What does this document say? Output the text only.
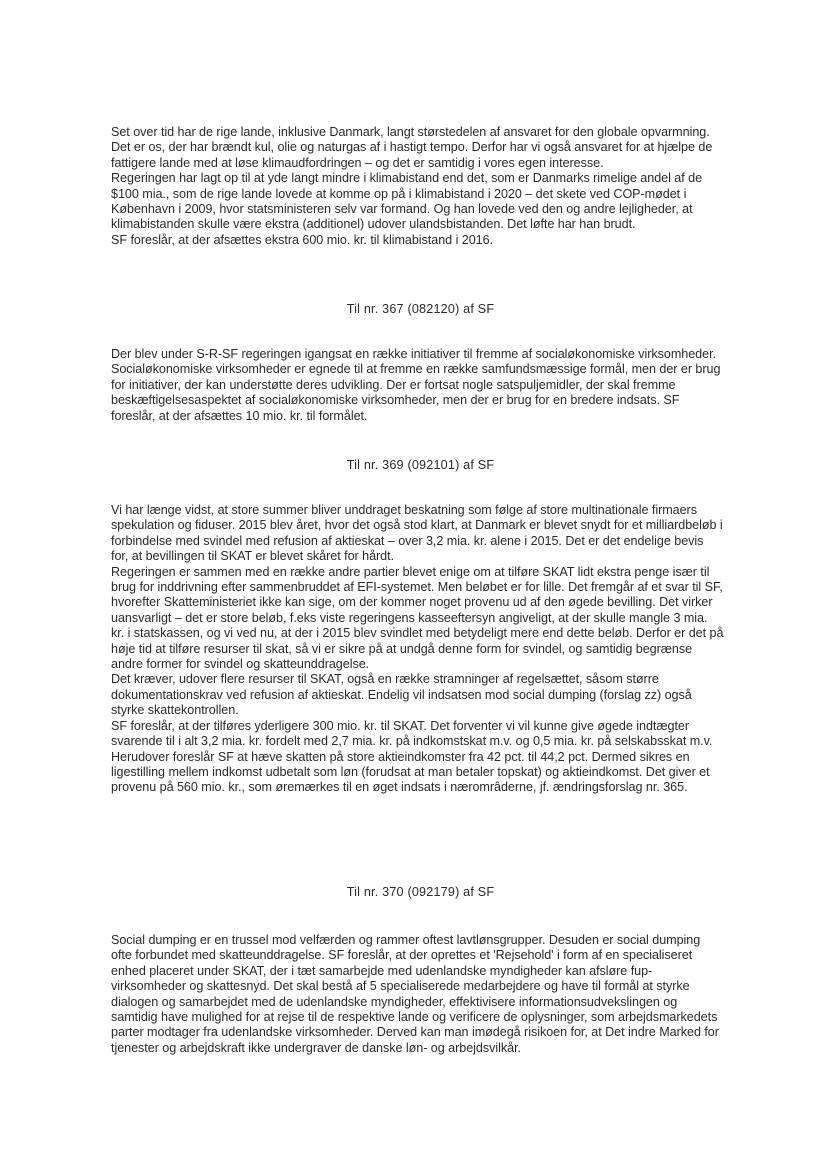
Set over tid har de rige lande, inklusive Danmark, langt størstedelen af ansvaret for den globale opvarmning.
Det er os, der har brændt kul, olie og naturgas af i hastigt tempo. Derfor har vi også ansvaret for at hjælpe de
fattigere lande med at løse klimaudfordringen – og det er samtidig i vores egen interesse.
Regeringen har lagt op til at yde langt mindre i klimabistand end det, som er Danmarks rimelige andel af de
$100 mia., som de rige lande lovede at komme op på i klimabistand i 2020 – det skete ved COP-mødet i
København i 2009, hvor statsministeren selv var formand. Og han lovede ved den og andre lejligheder, at
klimabistanden skulle være ekstra (additionel) udover ulandsbistanden. Det løfte har han brudt.
SF foreslår, at der afsættes ekstra 600 mio. kr. til klimabistand i 2016.
Til nr. 367 (082120) af SF
Der blev under S-R-SF regeringen igangsat en række initiativer til fremme af socialøkonomiske virksomheder.
Socialøkonomiske virksomheder er egnede til at fremme en række samfundsmæssige formål, men der er brug
for initiativer, der kan understøtte deres udvikling. Der er fortsat nogle satspuljemidler, der skal fremme
beskæftigelsesaspektet af socialøkonomiske virksomheder, men der er brug for en bredere indsats. SF
foreslår, at der afsættes 10 mio. kr. til formålet.
Til nr. 369 (092101) af SF
Vi har længe vidst, at store summer bliver unddraget beskatning som følge af store multinationale firmaers
spekulation og fiduser. 2015 blev året, hvor det også stod klart, at Danmark er blevet snydt for et milliardbeløb i
forbindelse med svindel med refusion af aktieskat – over 3,2 mia. kr. alene i 2015. Det er det endelige bevis
for, at bevillingen til SKAT er blevet skåret for hårdt.
Regeringen er sammen med en række andre partier blevet enige om at tilføre SKAT lidt ekstra penge især til
brug for inddrivning efter sammenbruddet af EFI-systemet. Men beløbet er for lille. Det fremgår af et svar til SF,
hvorefter Skatteministeriet ikke kan sige, om der kommer noget provenu ud af den øgede bevilling. Det virker
uansvarligt – det er store beløb, f.eks viste regeringens kasseeftersyn angiveligt, at der skulle mangle 3 mia.
kr. i statskassen, og vi ved nu, at der i 2015 blev svindlet med betydeligt mere end dette beløb. Derfor er det på
høje tid at tilføre resurser til skat, så vi er sikre på at undgå denne form for svindel, og samtidig begrænse
andre former for svindel og skatteunddragelse.
Det kræver, udover flere resurser til SKAT, også en række stramninger af regelsættet, såsom større
dokumentationskrav ved refusion af aktieskat. Endelig vil indsatsen mod social dumping (forslag zz) også
styrke skattekontrollen.
SF foreslår, at der tilføres yderligere 300 mio. kr. til SKAT. Det forventer vi vil kunne give øgede indtægter
svarende til i alt 3,2 mia. kr. fordelt med 2,7 mia. kr. på indkomstskat m.v. og 0,5 mia. kr. på selskabsskat m.v.
Herudover foreslår SF at hæve skatten på store aktieindkomster fra 42 pct. til 44,2 pct. Dermed sikres en
ligestilling mellem indkomst udbetalt som løn (forudsat at man betaler topskat) og aktieindkomst. Det giver et
provenu på 560 mio. kr., som øremærkes til en øget indsats i næromrâderne, jf. ændringsforslag nr. 365.
Til nr. 370 (092179) af SF
Social dumping er en trussel mod velfærden og rammer oftest lavtlønsgrupper. Desuden er social dumping
ofte forbundet med skatteunddragelse. SF foreslår, at der oprettes et 'Rejsehold' i form af en specialiseret
enhed placeret under SKAT, der i tæt samarbejde med udenlandske myndigheder kan afsløre fup-
virksomheder og skattesnyd. Det skal bestå af 5 specialiserede medarbejdere og have til formål at styrke
dialogen og samarbejdet med de udenlandske myndigheder, effektivisere informationsudvekslingen og
samtidig have mulighed for at rejse til de respektive lande og verificere de oplysninger, som arbejdsmarkedets
parter modtager fra udenlandske virksomheder. Derved kan man imødegå risikoen for, at Det indre Marked for
tjenester og arbejdskraft ikke undergraver de danske løn- og arbejdsvilkår.
